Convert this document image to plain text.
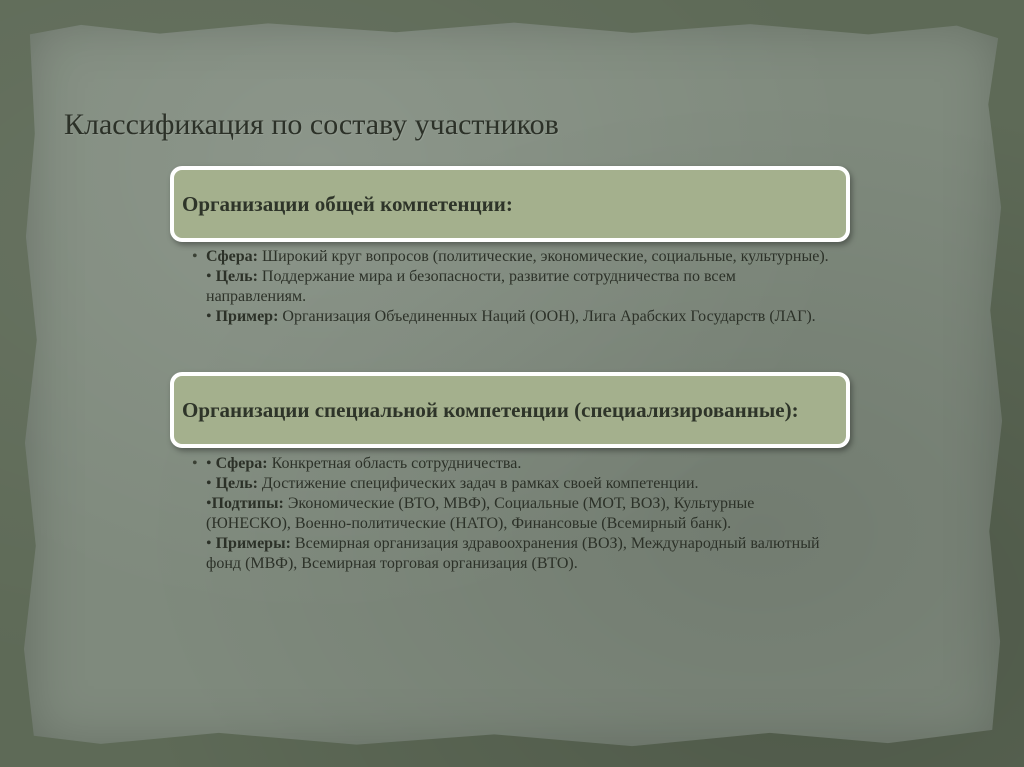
Классификация по составу участников
Организации общей компетенции:
• Сфера: Широкий круг вопросов (политические, экономические, социальные, культурные).
• Цель: Поддержание мира и безопасности, развитие сотрудничества по всем направлениям.
• Пример: Организация Объединенных Наций (ООН), Лига Арабских Государств (ЛАГ).
Организации специальной компетенции (специализированные):
• • Сфера: Конкретная область сотрудничества.
• Цель: Достижение специфических задач в рамках своей компетенции.
•Подтипы: Экономические (ВТО, МВФ), Социальные (МОТ, ВОЗ), Культурные (ЮНЕСКО), Военно-политические (НАТО), Финансовые (Всемирный банк).
• Примеры: Всемирная организация здравоохранения (ВОЗ), Международный валютный фонд (МВФ), Всемирная торговая организация (ВТО).
